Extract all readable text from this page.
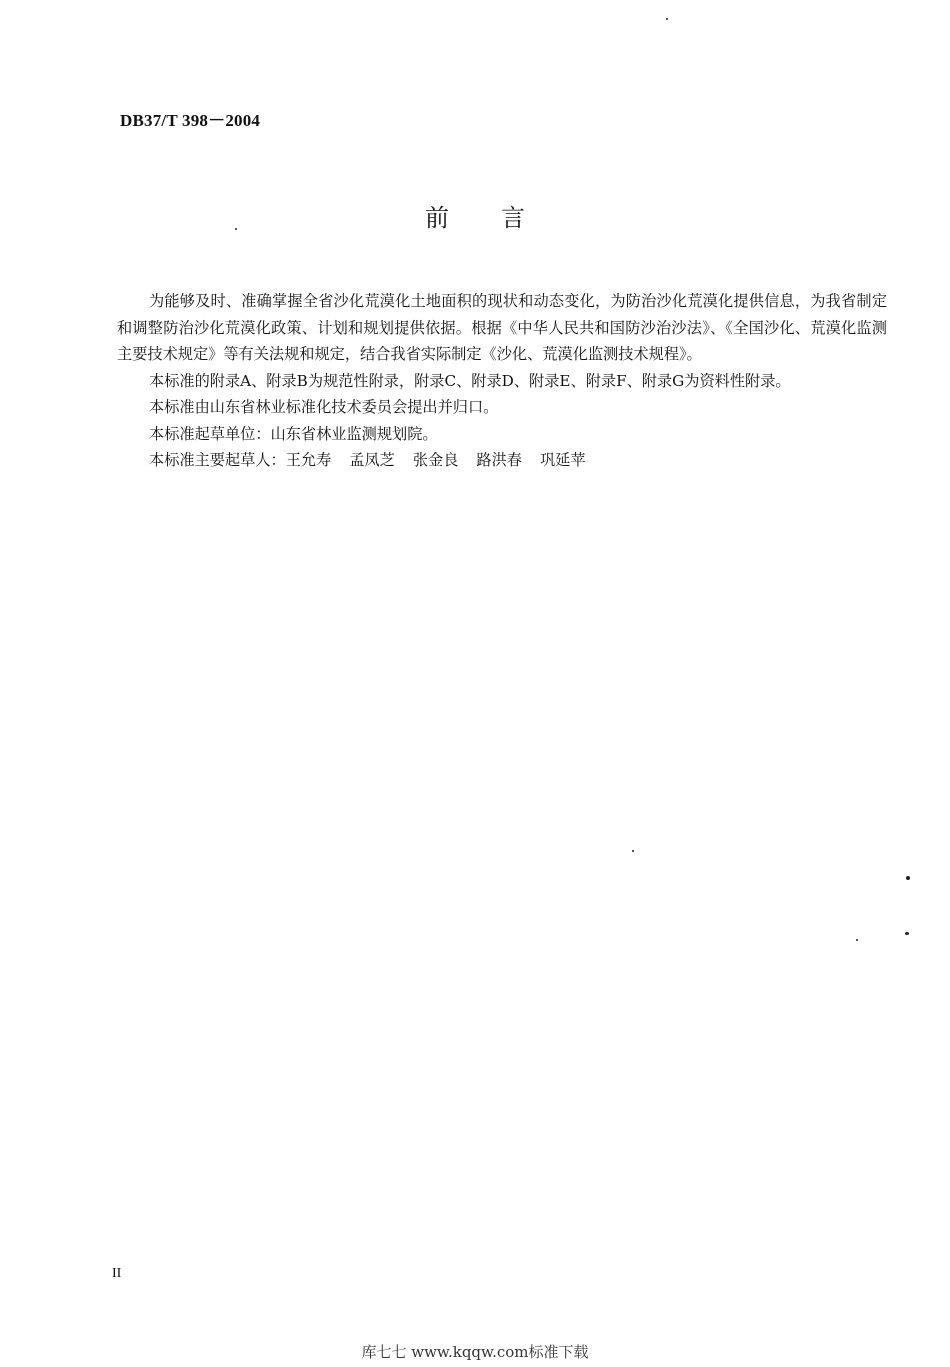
DB37/T 398－2004
前 言

为能够及时、准确掌握全省沙化荒漠化土地面积的现状和动态变化，为防治沙化荒漠化提供信息，为我省制定和调整防治沙化荒漠化政策、计划和规划提供依据。根据《中华人民共和国防沙治沙法》、《全国沙化、荒漠化监测主要技术规定》等有关法规和规定，结合我省实际制定《沙化、荒漠化监测技术规程》。

本标准的附录A、附录B为规范性附录，附录C、附录D、附录E、附录F、附录G为资料性附录。

本标准由山东省林业标准化技术委员会提出并归口。

本标准起草单位：山东省林业监测规划院。

本标准主要起草人：王允寿 孟凤芝 张金良 路洪春 巩延苹

II
库七七 www.kqqw.com标准下载
